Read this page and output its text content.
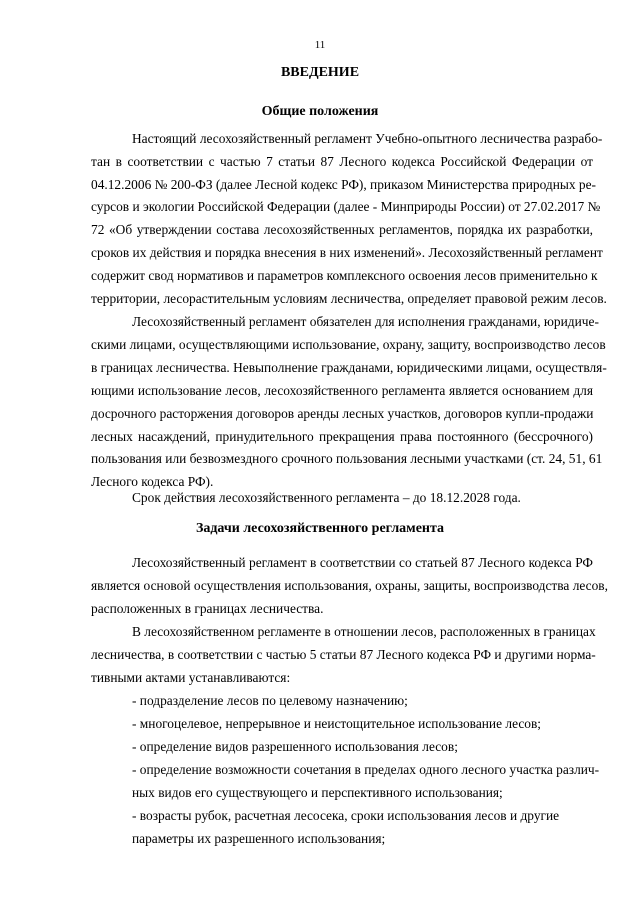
11
ВВЕДЕНИЕ
Общие положения
Настоящий лесохозяйственный регламент Учебно-опытного лесничества разрабо-
тан в соответствии с частью 7 статьи 87 Лесного кодекса Российской Федерации от
04.12.2006 № 200-ФЗ (далее Лесной кодекс РФ), приказом Министерства природных ре-
сурсов и экологии Российской Федерации (далее - Минприроды России) от 27.02.2017 №
72 «Об утверждении состава лесохозяйственных регламентов, порядка их разработки,
сроков их действия и порядка внесения в них изменений». Лесохозяйственный регламент
содержит свод нормативов и параметров комплексного освоения лесов применительно к
территории, лесорастительным условиям лесничества, определяет правовой режим лесов.
Лесохозяйственный регламент обязателен для исполнения гражданами, юридиче-
скими лицами, осуществляющими использование, охрану, защиту, воспроизводство лесов
в границах лесничества. Невыполнение гражданами, юридическими лицами, осуществля-
ющими использование лесов, лесохозяйственного регламента является основанием для
досрочного расторжения договоров аренды лесных участков, договоров купли-продажи
лесных насаждений, принудительного прекращения права постоянного (бессрочного)
пользования или безвозмездного срочного пользования лесными участками (ст. 24, 51, 61
Лесного кодекса РФ).
Срок действия лесохозяйственного регламента – до 18.12.2028 года.
Задачи лесохозяйственного регламента
Лесохозяйственный регламент в соответствии со статьей 87 Лесного кодекса РФ
является основой осуществления использования, охраны, защиты, воспроизводства лесов,
расположенных в границах лесничества.
В лесохозяйственном регламенте в отношении лесов, расположенных в границах
лесничества, в соответствии с частью 5 статьи 87 Лесного кодекса РФ и другими норма-
тивными актами устанавливаются:
- подразделение лесов по целевому назначению;
- многоцелевое, непрерывное и неистощительное использование лесов;
- определение видов разрешенного использования лесов;
- определение возможности сочетания в пределах одного лесного участка различ-
ных видов его существующего и перспективного использования;
- возрасты рубок, расчетная лесосека, сроки использования лесов и другие
параметры их разрешенного использования;
